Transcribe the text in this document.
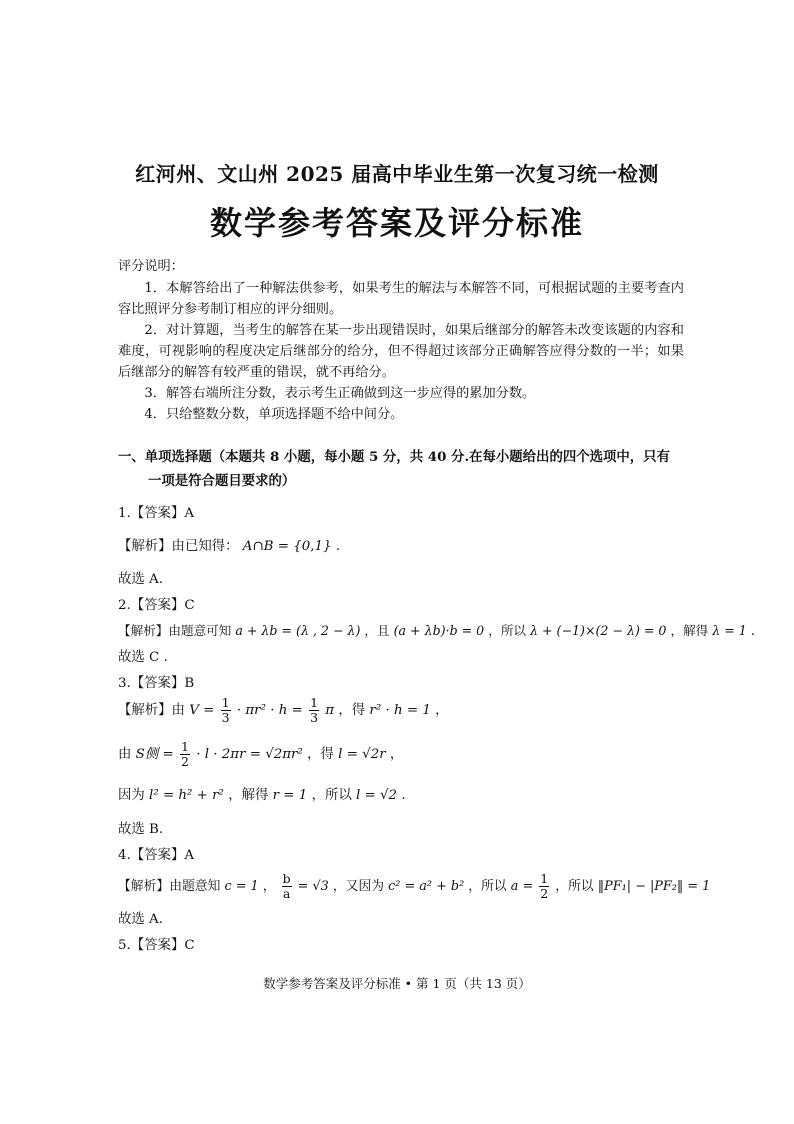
红河州、文山州 2025 届高中毕业生第一次复习统一检测
数学参考答案及评分标准
评分说明：

1．本解答给出了一种解法供参考，如果考生的解法与本解答不同，可根据试题的主要考查内容比照评分参考制订相应的评分细则。

2．对计算题，当考生的解答在某一步出现错误时，如果后继部分的解答未改变该题的内容和难度，可视影响的程度决定后继部分的给分，但不得超过该部分正确解答应得分数的一半；如果后继部分的解答有较严重的错误，就不再给分。

3．解答右端所注分数，表示考生正确做到这一步应得的累加分数。

4．只给整数分数，单项选择题不给中间分。

一、单项选择题（本题共 8 小题，每小题 5 分，共 40 分.在每小题给出的四个选项中，只有
一项是符合题目要求的）
1.【答案】A
【解析】由已知得： A∩B = {0,1} .
故选 A.
2.【答案】C
【解析】由题意可知 a + λb = (λ , 2 − λ) ，且 (a + λb)·b = 0 ，所以 λ + (−1)×(2 − λ) = 0 ，解得 λ = 1 .
故选 C .
3.【答案】B
【解析】由 $V = \frac{1}{3} \cdot \pi r^2 \cdot h = \frac{1}{3}$ π ，得 r² · h = 1 ，
由 S侧 = $\frac{1}{2} \cdot l \cdot 2\pi r = √2\pi r^2$ ，得 l = √2r ，
因为 l² = h² + r² ，解得 r = 1 ，所以 l = √2 .
故选 B.
4.【答案】A
【解析】由题意知 c = 1 ， $\frac{b}{a} = √3$ ，又因为 c² = a² + b² ，所以 $a = \frac{1}{2}$ ，所以 ‖PF₁| − |PF₂‖ = 1
故选 A.
5.【答案】C
数学参考答案及评分标准 • 第 1 页（共 13 页）
